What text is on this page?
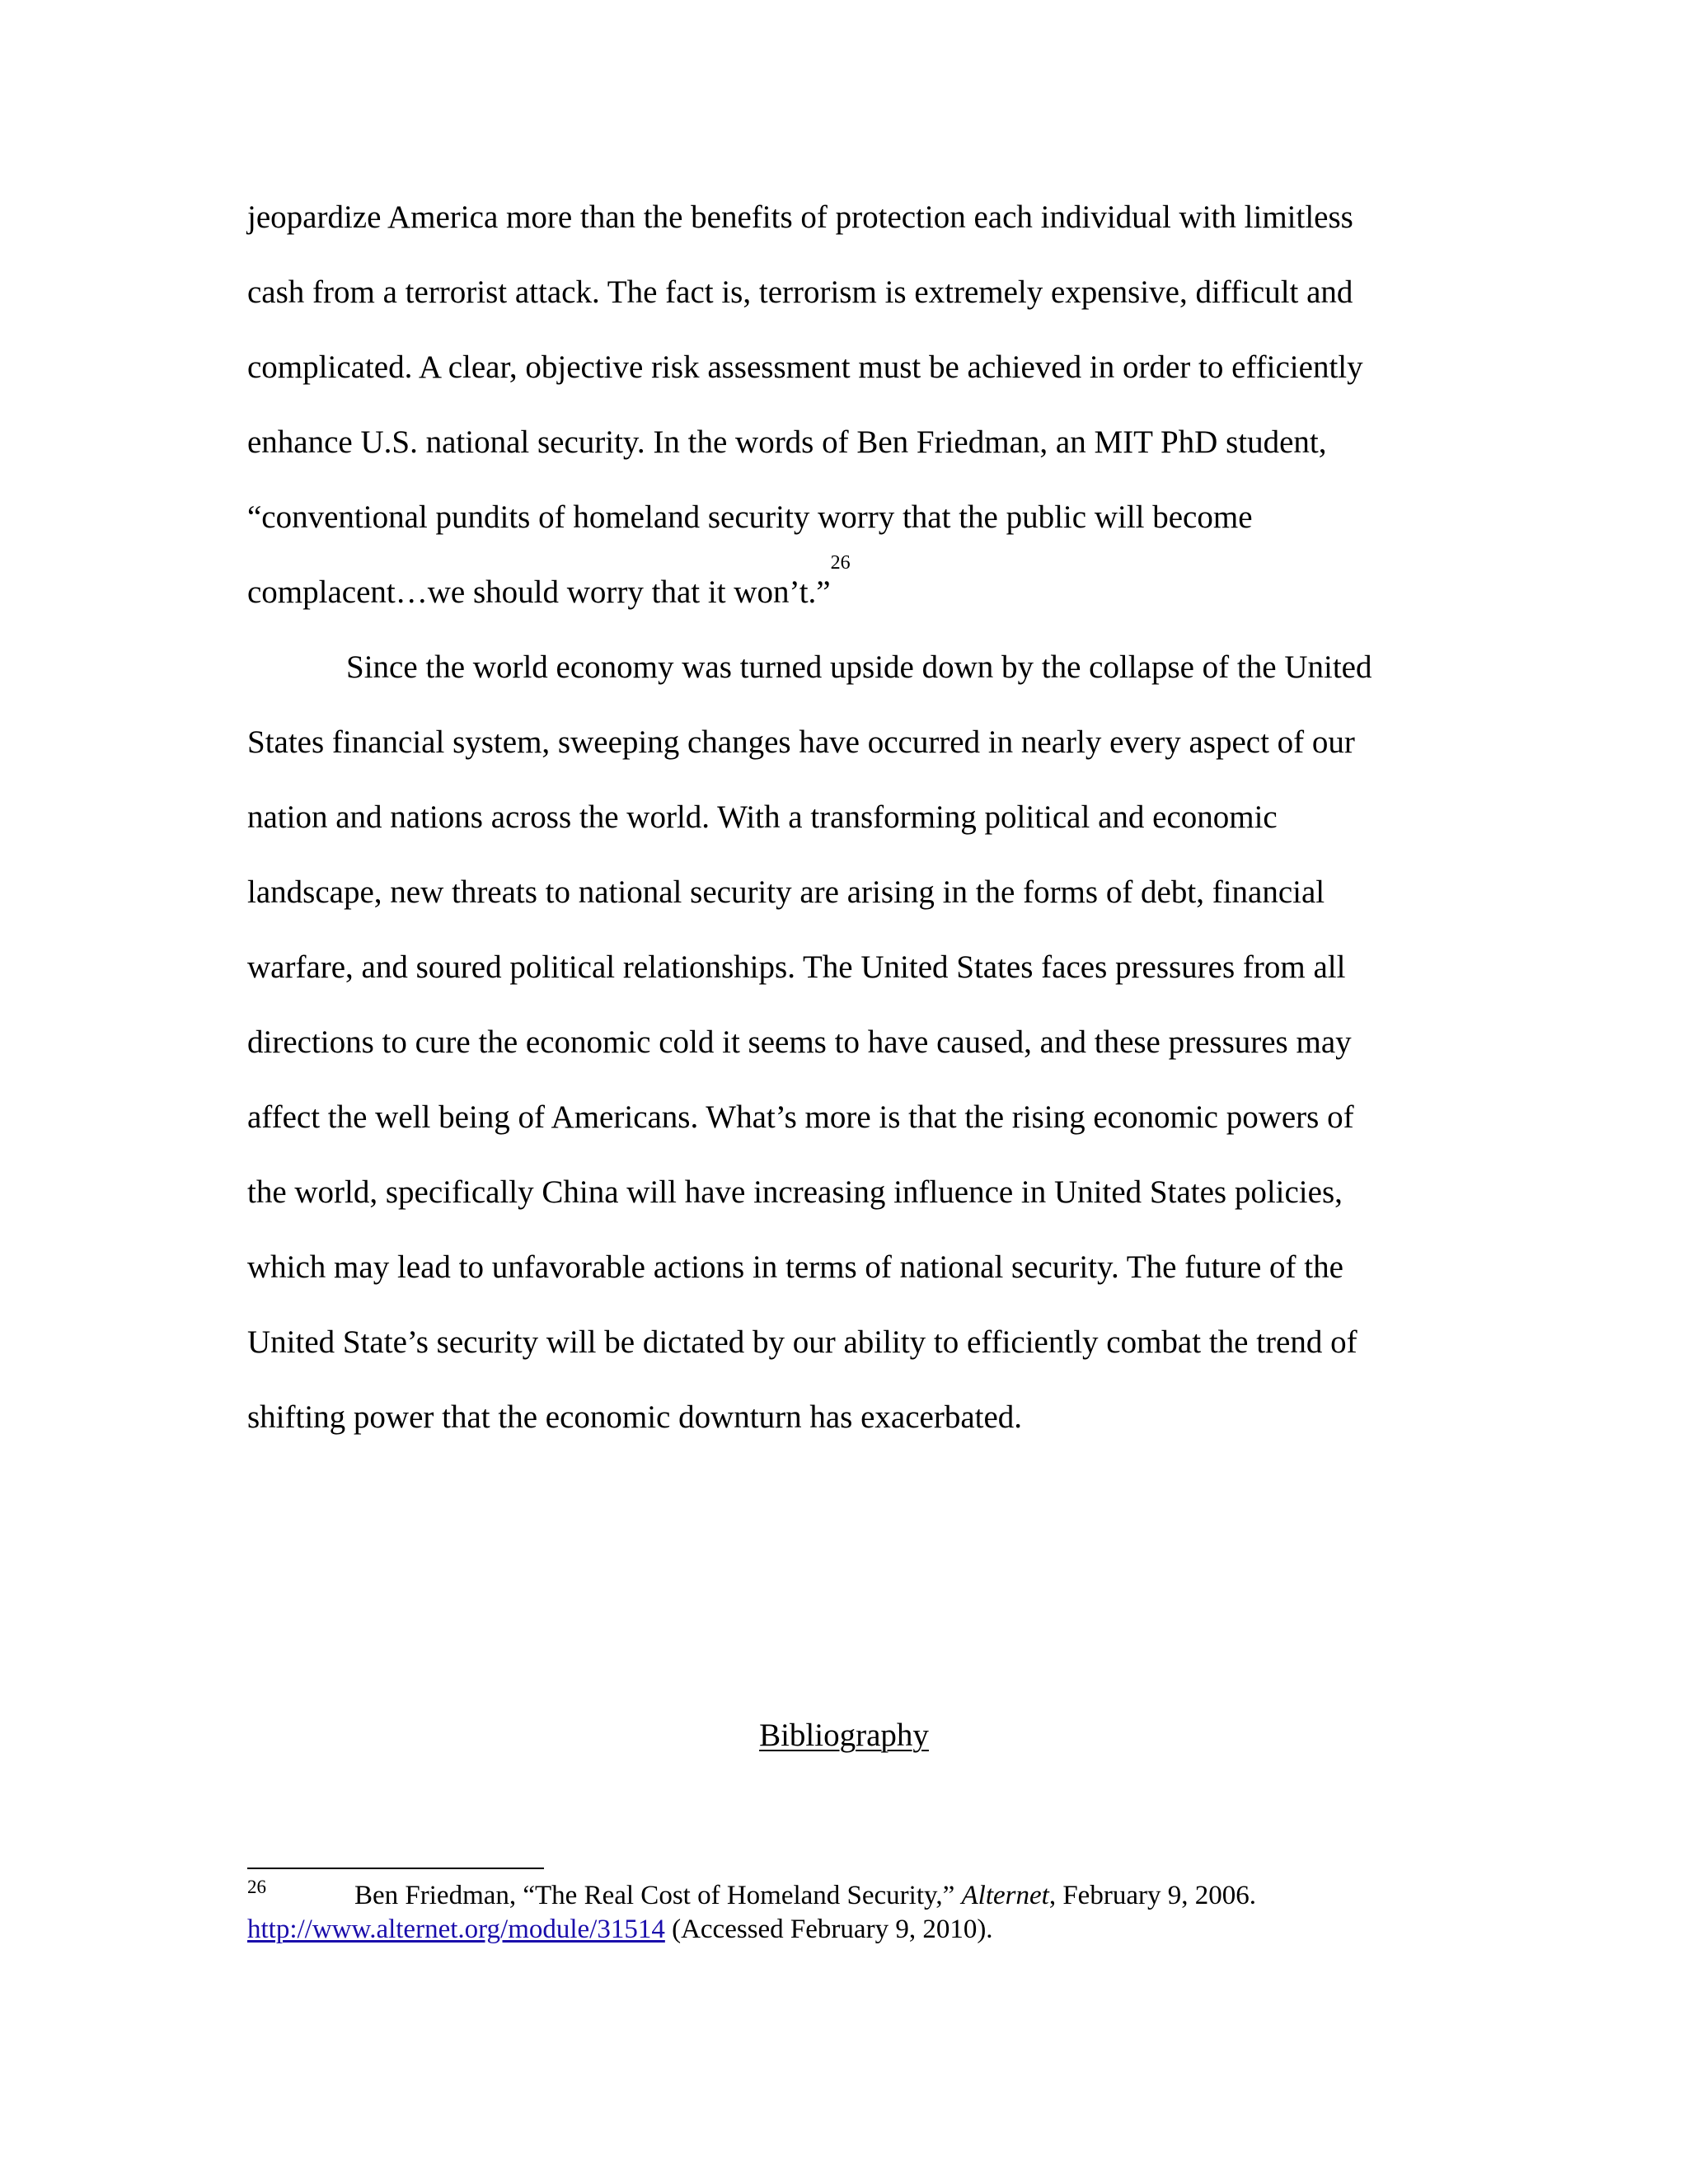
jeopardize America more than the benefits of protection each individual with limitless
cash from a terrorist attack. The fact is, terrorism is extremely expensive, difficult and
complicated. A clear, objective risk assessment must be achieved in order to efficiently
enhance U.S. national security. In the words of Ben Friedman, an MIT PhD student,
“conventional pundits of homeland security worry that the public will become
complacent…we should worry that it won’t.”$^{26}$
Since the world economy was turned upside down by the collapse of the United
States financial system, sweeping changes have occurred in nearly every aspect of our
nation and nations across the world. With a transforming political and economic
landscape, new threats to national security are arising in the forms of debt, financial
warfare, and soured political relationships. The United States faces pressures from all
directions to cure the economic cold it seems to have caused, and these pressures may
affect the well being of Americans. What’s more is that the rising economic powers of
the world, specifically China will have increasing influence in United States policies,
which may lead to unfavorable actions in terms of national security. The future of the
United State’s security will be dictated by our ability to efficiently combat the trend of
shifting power that the economic downturn has exacerbated.
Bibliography
26	Ben Friedman, “The Real Cost of Homeland Security,” Alternet, February 9, 2006.
http://www.alternet.org/module/31514 (Accessed February 9, 2010).
